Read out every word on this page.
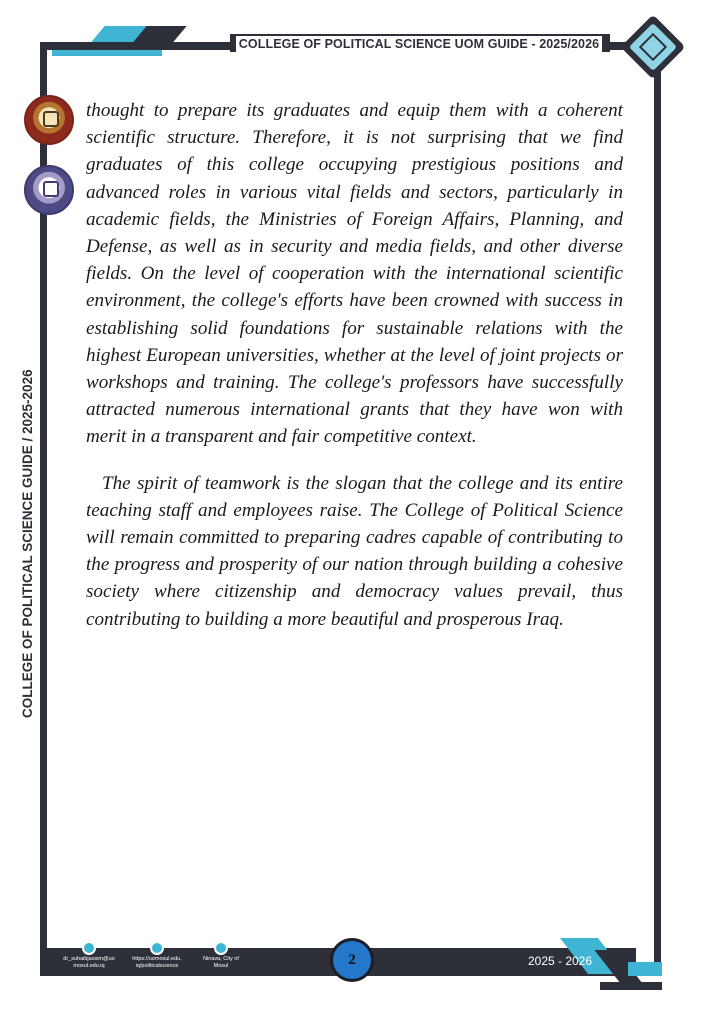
COLLEGE OF POLITICAL SCIENCE UOM GUIDE - 2025/2026
COLLEGE OF POLITICAL SCIENCE GUIDE / 2025-2026

thought to prepare its graduates and equip them with a coherent scientific structure. Therefore, it is not surprising that we find graduates of this college occupying prestigious positions and advanced roles in various vital fields and sectors, particularly in academic fields, the Ministries of Foreign Affairs, Planning, and Defense, as well as in security and media fields, and other diverse fields. On the level of cooperation with the international scientific environment, the college's efforts have been crowned with success in establishing solid foundations for sustainable relations with the highest European universities, whether at the level of joint projects or workshops and training. The college's professors have successfully attracted numerous international grants that they have won with merit in a transparent and fair competitive context.

The spirit of teamwork is the slogan that the college and its entire teaching staff and employees raise. The College of Political Science will remain committed to preparing cadres capable of contributing to the progress and prosperity of our nation through building a cohesive society where citizenship and democracy values prevail, thus contributing to building a more beautiful and prosperous Iraq.

dr_suhaibjassim@uo
mosul.edu.iq
https://uomosul.edu.
iq/politicalscience
Ninava, City of
Mosul	2	2025 - 2026
